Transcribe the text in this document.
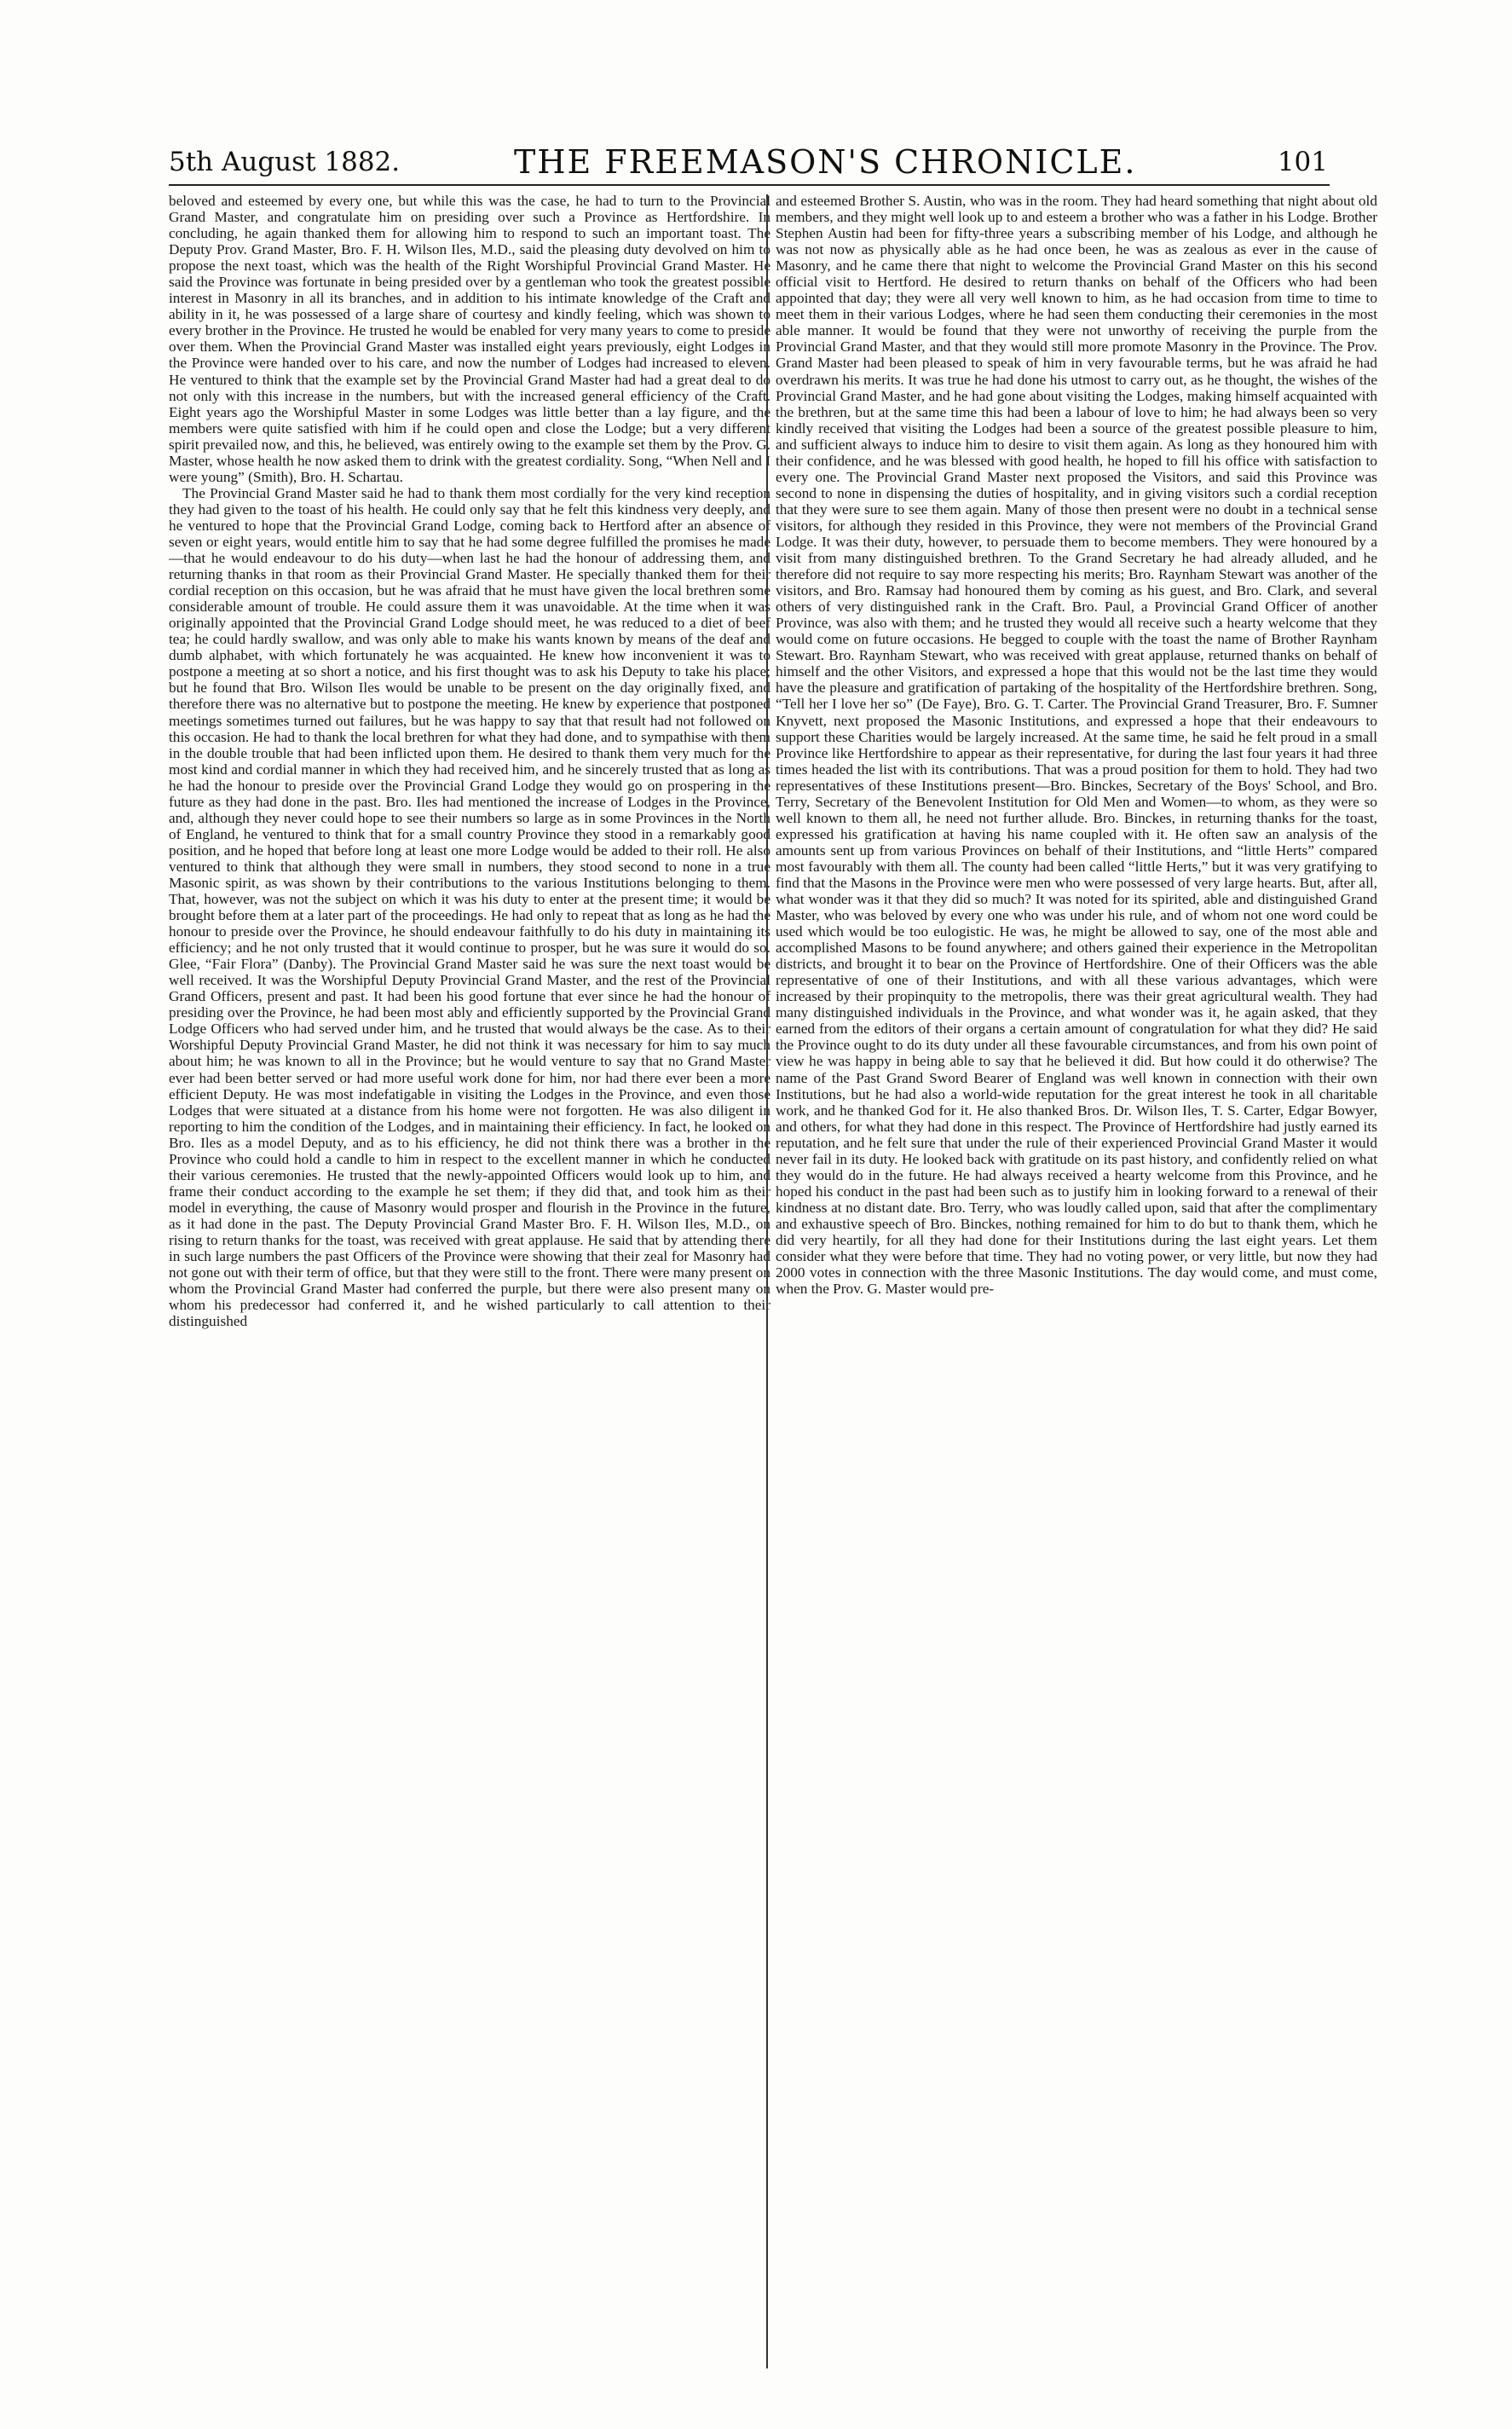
5th August 1882.	THE FREEMASON'S CHRONICLE.	101

beloved and esteemed by every one, but while this was the case, he had to turn to the Provincial Grand Master, and congratulate him on presiding over such a Province as Hertfordshire. In concluding, he again thanked them for allowing him to respond to such an important toast. The Deputy Prov. Grand Master, Bro. F. H. Wilson Iles, M.D., said the pleasing duty devolved on him to propose the next toast, which was the health of the Right Worshipful Provincial Grand Master. He said the Province was fortunate in being presided over by a gentleman who took the greatest possible interest in Masonry in all its branches, and in addition to his intimate knowledge of the Craft and ability in it, he was possessed of a large share of courtesy and kindly feeling, which was shown to every brother in the Province. He trusted he would be enabled for very many years to come to preside over them. When the Provincial Grand Master was installed eight years previously, eight Lodges in the Province were handed over to his care, and now the number of Lodges had increased to eleven. He ventured to think that the example set by the Provincial Grand Master had had a great deal to do not only with this increase in the numbers, but with the increased general efficiency of the Craft. Eight years ago the Worshipful Master in some Lodges was little better than a lay figure, and the members were quite satisfied with him if he could open and close the Lodge; but a very different spirit prevailed now, and this, he believed, was entirely owing to the example set them by the Prov. G. Master, whose health he now asked them to drink with the greatest cordiality. Song, “When Nell and I were young” (Smith), Bro. H. Schartau.

The Provincial Grand Master said he had to thank them most cordially for the very kind reception they had given to the toast of his health. He could only say that he felt this kindness very deeply, and he ventured to hope that the Provincial Grand Lodge, coming back to Hertford after an absence of seven or eight years, would entitle him to say that he had some degree fulfilled the promises he made—that he would endeavour to do his duty—when last he had the honour of addressing them, and returning thanks in that room as their Provincial Grand Master. He specially thanked them for their cordial reception on this occasion, but he was afraid that he must have given the local brethren some considerable amount of trouble. He could assure them it was unavoidable. At the time when it was originally appointed that the Provincial Grand Lodge should meet, he was reduced to a diet of beef tea; he could hardly swallow, and was only able to make his wants known by means of the deaf and dumb alphabet, with which fortunately he was acquainted. He knew how inconvenient it was to postpone a meeting at so short a notice, and his first thought was to ask his Deputy to take his place; but he found that Bro. Wilson Iles would be unable to be present on the day originally fixed, and therefore there was no alternative but to postpone the meeting. He knew by experience that postponed meetings sometimes turned out failures, but he was happy to say that that result had not followed on this occasion. He had to thank the local brethren for what they had done, and to sympathise with them in the double trouble that had been inflicted upon them. He desired to thank them very much for the most kind and cordial manner in which they had received him, and he sincerely trusted that as long as he had the honour to preside over the Provincial Grand Lodge they would go on prospering in the future as they had done in the past. Bro. Iles had mentioned the increase of Lodges in the Province, and, although they never could hope to see their numbers so large as in some Provinces in the North of England, he ventured to think that for a small country Province they stood in a remarkably good position, and he hoped that before long at least one more Lodge would be added to their roll. He also ventured to think that although they were small in numbers, they stood second to none in a true Masonic spirit, as was shown by their contributions to the various Institutions belonging to them. That, however, was not the subject on which it was his duty to enter at the present time; it would be brought before them at a later part of the proceedings. He had only to repeat that as long as he had the honour to preside over the Province, he should endeavour faithfully to do his duty in maintaining its efficiency; and he not only trusted that it would continue to prosper, but he was sure it would do so. Glee, “Fair Flora” (Danby). The Provincial Grand Master said he was sure the next toast would be well received. It was the Worshipful Deputy Provincial Grand Master, and the rest of the Provincial Grand Officers, present and past. It had been his good fortune that ever since he had the honour of presiding over the Province, he had been most ably and efficiently supported by the Provincial Grand Lodge Officers who had served under him, and he trusted that would always be the case. As to their Worshipful Deputy Provincial Grand Master, he did not think it was necessary for him to say much about him; he was known to all in the Province; but he would venture to say that no Grand Master ever had been better served or had more useful work done for him, nor had there ever been a more efficient Deputy. He was most indefatigable in visiting the Lodges in the Province, and even those Lodges that were situated at a distance from his home were not forgotten. He was also diligent in reporting to him the condition of the Lodges, and in maintaining their efficiency. In fact, he looked on Bro. Iles as a model Deputy, and as to his efficiency, he did not think there was a brother in the Province who could hold a candle to him in respect to the excellent manner in which he conducted their various ceremonies. He trusted that the newly-appointed Officers would look up to him, and frame their conduct according to the example he set them; if they did that, and took him as their model in everything, the cause of Masonry would prosper and flourish in the Province in the future, as it had done in the past. The Deputy Provincial Grand Master Bro. F. H. Wilson Iles, M.D., on rising to return thanks for the toast, was received with great applause. He said that by attending there in such large numbers the past Officers of the Province were showing that their zeal for Masonry had not gone out with their term of office, but that they were still to the front. There were many present on whom the Provincial Grand Master had conferred the purple, but there were also present many on whom his predecessor had conferred it, and he wished particularly to call attention to their distinguished

and esteemed Brother S. Austin, who was in the room. They had heard something that night about old members, and they might well look up to and esteem a brother who was a father in his Lodge. Brother Stephen Austin had been for fifty-three years a subscribing member of his Lodge, and although he was not now as physically able as he had once been, he was as zealous as ever in the cause of Masonry, and he came there that night to welcome the Provincial Grand Master on this his second official visit to Hertford. He desired to return thanks on behalf of the Officers who had been appointed that day; they were all very well known to him, as he had occasion from time to time to meet them in their various Lodges, where he had seen them conducting their ceremonies in the most able manner. It would be found that they were not unworthy of receiving the purple from the Provincial Grand Master, and that they would still more promote Masonry in the Province. The Prov. Grand Master had been pleased to speak of him in very favourable terms, but he was afraid he had overdrawn his merits. It was true he had done his utmost to carry out, as he thought, the wishes of the Provincial Grand Master, and he had gone about visiting the Lodges, making himself acquainted with the brethren, but at the same time this had been a labour of love to him; he had always been so very kindly received that visiting the Lodges had been a source of the greatest possible pleasure to him, and sufficient always to induce him to desire to visit them again. As long as they honoured him with their confidence, and he was blessed with good health, he hoped to fill his office with satisfaction to every one. The Provincial Grand Master next proposed the Visitors, and said this Province was second to none in dispensing the duties of hospitality, and in giving visitors such a cordial reception that they were sure to see them again. Many of those then present were no doubt in a technical sense visitors, for although they resided in this Province, they were not members of the Provincial Grand Lodge. It was their duty, however, to persuade them to become members. They were honoured by a visit from many distinguished brethren. To the Grand Secretary he had already alluded, and he therefore did not require to say more respecting his merits; Bro. Raynham Stewart was another of the visitors, and Bro. Ramsay had honoured them by coming as his guest, and Bro. Clark, and several others of very distinguished rank in the Craft. Bro. Paul, a Provincial Grand Officer of another Province, was also with them; and he trusted they would all receive such a hearty welcome that they would come on future occasions. He begged to couple with the toast the name of Brother Raynham Stewart. Bro. Raynham Stewart, who was received with great applause, returned thanks on behalf of himself and the other Visitors, and expressed a hope that this would not be the last time they would have the pleasure and gratification of partaking of the hospitality of the Hertfordshire brethren. Song, “Tell her I love her so” (De Faye), Bro. G. T. Carter. The Provincial Grand Treasurer, Bro. F. Sumner Knyvett, next proposed the Masonic Institutions, and expressed a hope that their endeavours to support these Charities would be largely increased. At the same time, he said he felt proud in a small Province like Hertfordshire to appear as their representative, for during the last four years it had three times headed the list with its contributions. That was a proud position for them to hold. They had two representatives of these Institutions present—Bro. Binckes, Secretary of the Boys' School, and Bro. Terry, Secretary of the Benevolent Institution for Old Men and Women—to whom, as they were so well known to them all, he need not further allude. Bro. Binckes, in returning thanks for the toast, expressed his gratification at having his name coupled with it. He often saw an analysis of the amounts sent up from various Provinces on behalf of their Institutions, and “little Herts” compared most favourably with them all. The county had been called “little Herts,” but it was very gratifying to find that the Masons in the Province were men who were possessed of very large hearts. But, after all, what wonder was it that they did so much? It was noted for its spirited, able and distinguished Grand Master, who was beloved by every one who was under his rule, and of whom not one word could be used which would be too eulogistic. He was, he might be allowed to say, one of the most able and accomplished Masons to be found anywhere; and others gained their experience in the Metropolitan districts, and brought it to bear on the Province of Hertfordshire. One of their Officers was the able representative of one of their Institutions, and with all these various advantages, which were increased by their propinquity to the metropolis, there was their great agricultural wealth. They had many distinguished individuals in the Province, and what wonder was it, he again asked, that they earned from the editors of their organs a certain amount of congratulation for what they did? He said the Province ought to do its duty under all these favourable circumstances, and from his own point of view he was happy in being able to say that he believed it did. But how could it do otherwise? The name of the Past Grand Sword Bearer of England was well known in connection with their own Institutions, but he had also a world-wide reputation for the great interest he took in all charitable work, and he thanked God for it. He also thanked Bros. Dr. Wilson Iles, T. S. Carter, Edgar Bowyer, and others, for what they had done in this respect. The Province of Hertfordshire had justly earned its reputation, and he felt sure that under the rule of their experienced Provincial Grand Master it would never fail in its duty. He looked back with gratitude on its past history, and confidently relied on what they would do in the future. He had always received a hearty welcome from this Province, and he hoped his conduct in the past had been such as to justify him in looking forward to a renewal of their kindness at no distant date. Bro. Terry, who was loudly called upon, said that after the complimentary and exhaustive speech of Bro. Binckes, nothing remained for him to do but to thank them, which he did very heartily, for all they had done for their Institutions during the last eight years. Let them consider what they were before that time. They had no voting power, or very little, but now they had 2000 votes in connection with the three Masonic Institutions. The day would come, and must come, when the Prov. G. Master would pre-
